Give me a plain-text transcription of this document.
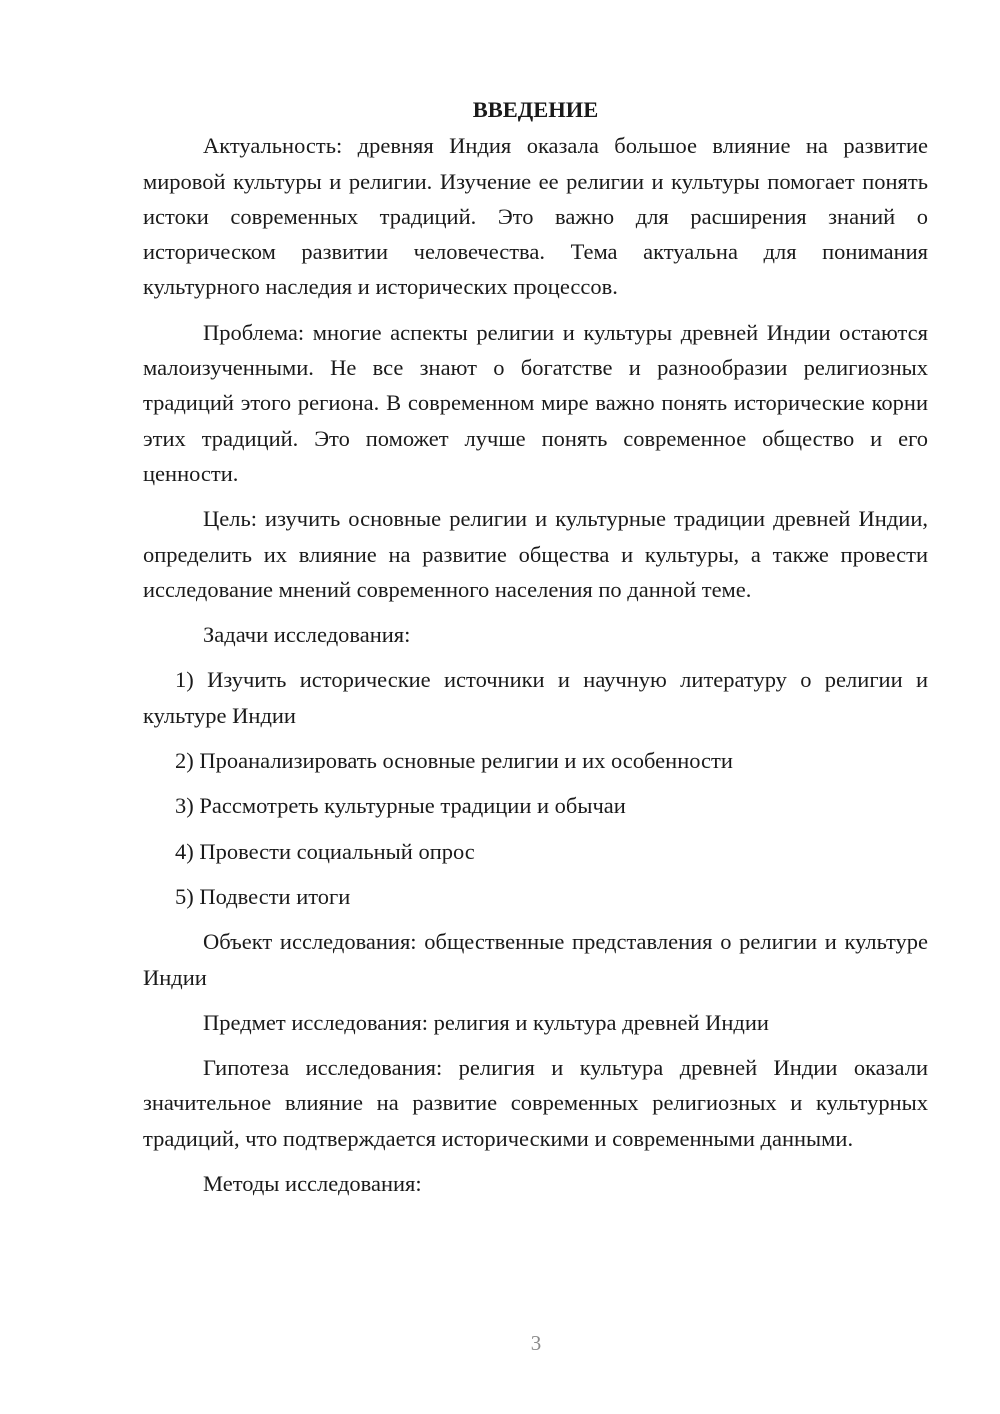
ВВЕДЕНИЕ

Актуальность: древняя Индия оказала большое влияние на развитие мировой культуры и религии. Изучение ее религии и культуры помогает понять истоки современных традиций. Это важно для расширения знаний о историческом развитии человечества. Тема актуальна для понимания культурного наследия и исторических процессов.

Проблема: многие аспекты религии и культуры древней Индии остаются малоизученными. Не все знают о богатстве и разнообразии религиозных традиций этого региона. В современном мире важно понять исторические корни этих традиций. Это поможет лучше понять современное общество и его ценности.

Цель: изучить основные религии и культурные традиции древней Индии, определить их влияние на развитие общества и культуры, а также провести исследование мнений современного населения по данной теме.

Задачи исследования:

1) Изучить исторические источники и научную литературу о религии и культуре Индии

2) Проанализировать основные религии и их особенности

3) Рассмотреть культурные традиции и обычаи

4) Провести социальный опрос

5) Подвести итоги

Объект исследования: общественные представления о религии и культуре Индии

Предмет исследования: религия и культура древней Индии

Гипотеза исследования: религия и культура древней Индии оказали значительное влияние на развитие современных религиозных и культурных традиций, что подтверждается историческими и современными данными.

Методы исследования:

3
